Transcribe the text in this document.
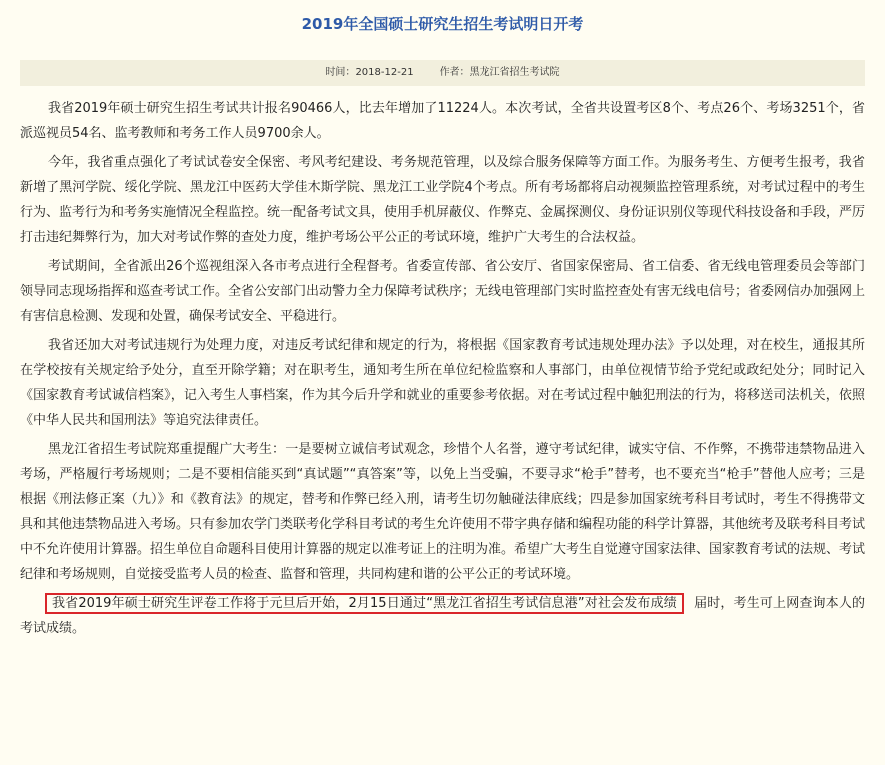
2019年全国硕士研究生招生考试明日开考
时间：2018-12-21	作者：黑龙江省招生考试院

我省2019年硕士研究生招生考试共计报名90466人，比去年增加了11224人。本次考试，全省共设置考区8个、考点26个、考场3251个，省派巡视员54名、监考教师和考务工作人员9700余人。

今年，我省重点强化了考试试卷安全保密、考风考纪建设、考务规范管理，以及综合服务保障等方面工作。为服务考生、方便考生报考，我省新增了黑河学院、绥化学院、黑龙江中医药大学佳木斯学院、黑龙江工业学院4个考点。所有考场都将启动视频监控管理系统，对考试过程中的考生行为、监考行为和考务实施情况全程监控。统一配备考试文具，使用手机屏蔽仪、作弊克、金属探测仪、身份证识别仪等现代科技设备和手段，严厉打击违纪舞弊行为，加大对考试作弊的查处力度，维护考场公平公正的考试环境，维护广大考生的合法权益。

考试期间，全省派出26个巡视组深入各市考点进行全程督考。省委宣传部、省公安厅、省国家保密局、省工信委、省无线电管理委员会等部门领导同志现场指挥和巡查考试工作。全省公安部门出动警力全力保障考试秩序；无线电管理部门实时监控查处有害无线电信号；省委网信办加强网上有害信息检测、发现和处置，确保考试安全、平稳进行。

我省还加大对考试违规行为处理力度，对违反考试纪律和规定的行为，将根据《国家教育考试违规处理办法》予以处理，对在校生，通报其所在学校按有关规定给予处分，直至开除学籍；对在职考生，通知考生所在单位纪检监察和人事部门，由单位视情节给予党纪或政纪处分；同时记入《国家教育考试诚信档案》，记入考生人事档案，作为其今后升学和就业的重要参考依据。对在考试过程中触犯刑法的行为，将移送司法机关，依照《中华人民共和国刑法》等追究法律责任。

黑龙江省招生考试院郑重提醒广大考生：一是要树立诚信考试观念，珍惜个人名誉，遵守考试纪律，诚实守信、不作弊，不携带违禁物品进入考场，严格履行考场规则；二是不要相信能买到“真试题”“真答案”等，以免上当受骗，不要寻求“枪手”替考，也不要充当“枪手”替他人应考；三是根据《刑法修正案（九）》和《教育法》的规定，替考和作弊已经入刑，请考生切勿触碰法律底线；四是参加国家统考科目考试时，考生不得携带文具和其他违禁物品进入考场。只有参加农学门类联考化学科目考试的考生允许使用不带字典存储和编程功能的科学计算器，其他统考及联考科目考试中不允许使用计算器。招生单位自命题科目使用计算器的规定以准考证上的注明为准。希望广大考生自觉遵守国家法律、国家教育考试的法规、考试纪律和考场规则，自觉接受监考人员的检查、监督和管理，共同构建和谐的公平公正的考试环境。

我省2019年硕士研究生评卷工作将于元旦后开始，2月15日通过“黑龙江省招生考试信息港”对社会发布成绩 ，届时，考生可上网查询本人的考试成绩。
